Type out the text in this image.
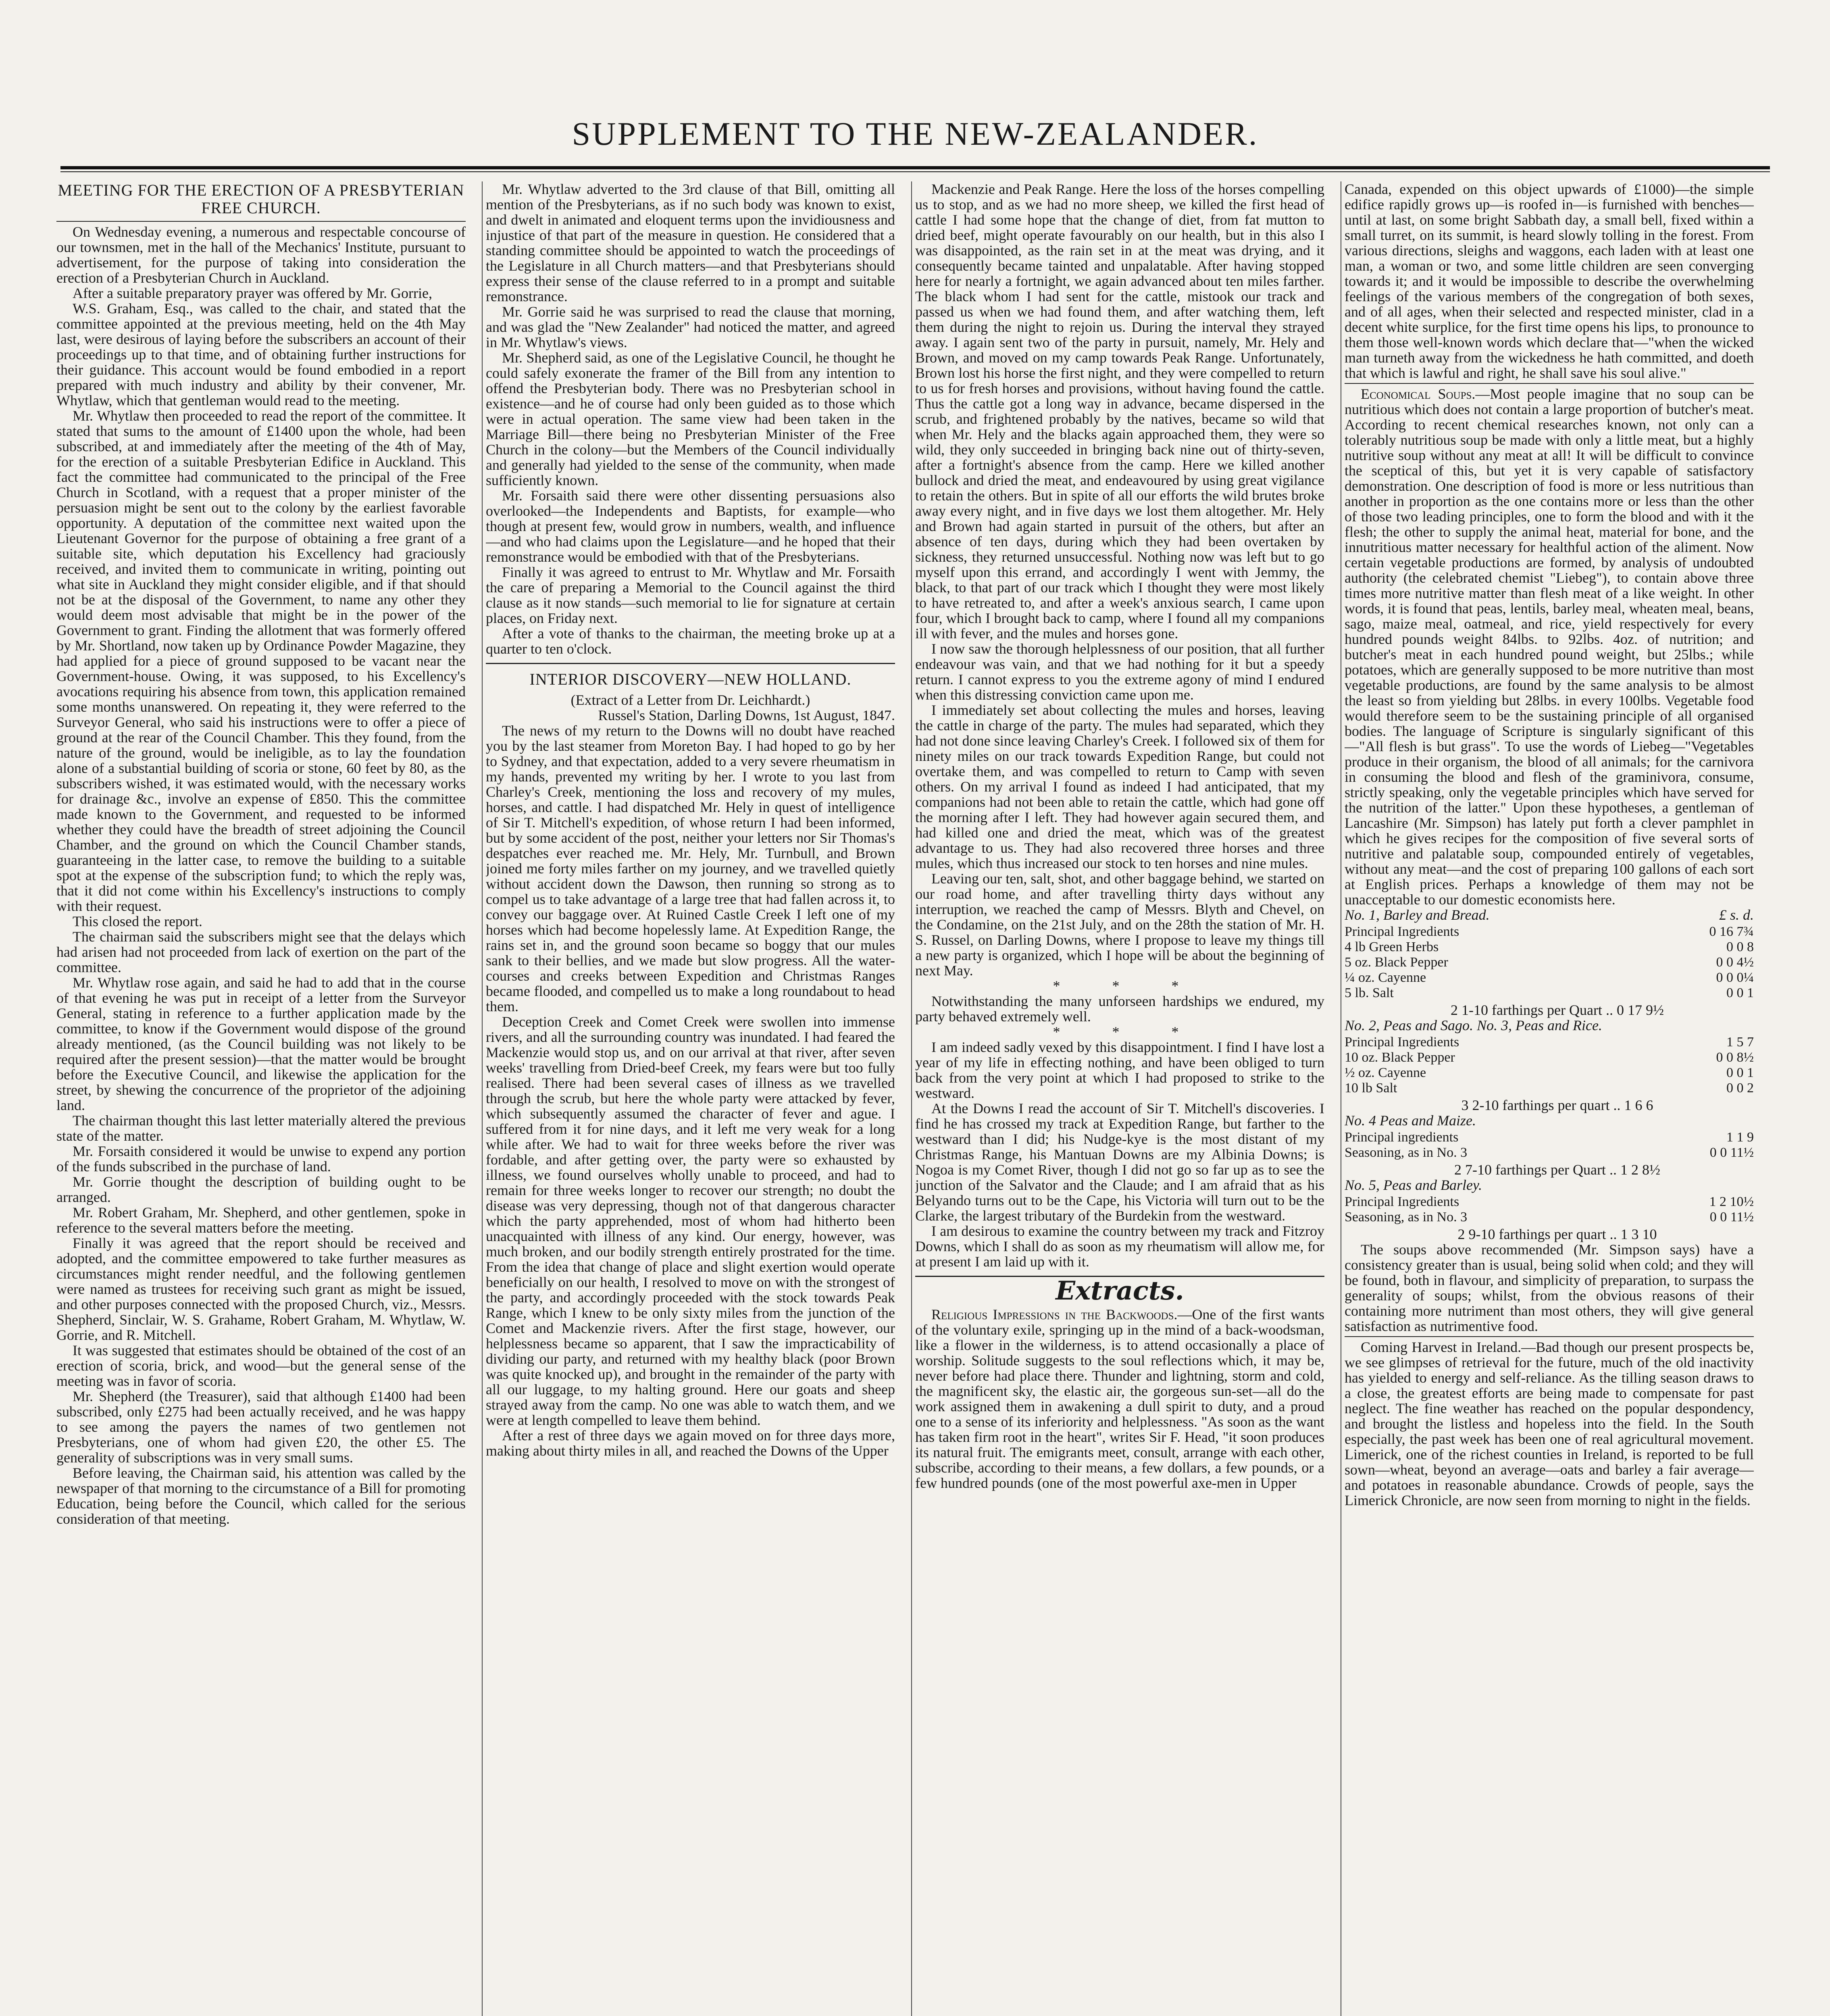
SUPPLEMENT TO THE NEW-ZEALANDER.
MEETING FOR THE ERECTION OF A PRESBYTERIAN FREE CHURCH.

On Wednesday evening, a numerous and respectable concourse of our townsmen, met in the hall of the Mechanics' Institute, pursuant to advertisement, for the purpose of taking into consideration the erection of a Presbyterian Church in Auckland.

After a suitable preparatory prayer was offered by Mr. Gorrie,

W.S. Graham, Esq., was called to the chair, and stated that the committee appointed at the previous meeting, held on the 4th May last, were desirous of laying before the subscribers an account of their proceedings up to that time, and of obtaining further instructions for their guidance. This account would be found embodied in a report prepared with much industry and ability by their convener, Mr. Whytlaw, which that gentleman would read to the meeting.

Mr. Whytlaw then proceeded to read the report of the committee. It stated that sums to the amount of £1400 upon the whole, had been subscribed, at and immediately after the meeting of the 4th of May, for the erection of a suitable Presbyterian Edifice in Auckland. This fact the committee had communicated to the principal of the Free Church in Scotland, with a request that a proper minister of the persuasion might be sent out to the colony by the earliest favorable opportunity. A deputation of the committee next waited upon the Lieutenant Governor for the purpose of obtaining a free grant of a suitable site, which deputation his Excellency had graciously received, and invited them to communicate in writing, pointing out what site in Auckland they might consider eligible, and if that should not be at the disposal of the Government, to name any other they would deem most advisable that might be in the power of the Government to grant. Finding the allotment that was formerly offered by Mr. Shortland, now taken up by Ordinance Powder Magazine, they had applied for a piece of ground supposed to be vacant near the Government-house. Owing, it was supposed, to his Excellency's avocations requiring his absence from town, this application remained some months unanswered. On repeating it, they were referred to the Surveyor General, who said his instructions were to offer a piece of ground at the rear of the Council Chamber. This they found, from the nature of the ground, would be ineligible, as to lay the foundation alone of a substantial building of scoria or stone, 60 feet by 80, as the subscribers wished, it was estimated would, with the necessary works for drainage &c., involve an expense of £850. This the committee made known to the Government, and requested to be informed whether they could have the breadth of street adjoining the Council Chamber, and the ground on which the Council Chamber stands, guaranteeing in the latter case, to remove the building to a suitable spot at the expense of the subscription fund; to which the reply was, that it did not come within his Excellency's instructions to comply with their request.

This closed the report.

The chairman said the subscribers might see that the delays which had arisen had not proceeded from lack of exertion on the part of the committee.

Mr. Whytlaw rose again, and said he had to add that in the course of that evening he was put in receipt of a letter from the Surveyor General, stating in reference to a further application made by the committee, to know if the Government would dispose of the ground already mentioned, (as the Council building was not likely to be required after the present session)—that the matter would be brought before the Executive Council, and likewise the application for the street, by shewing the concurrence of the proprietor of the adjoining land.

The chairman thought this last letter materially altered the previous state of the matter.

Mr. Forsaith considered it would be unwise to expend any portion of the funds subscribed in the purchase of land.

Mr. Gorrie thought the description of building ought to be arranged.

Mr. Robert Graham, Mr. Shepherd, and other gentlemen, spoke in reference to the several matters before the meeting.

Finally it was agreed that the report should be received and adopted, and the committee empowered to take further measures as circumstances might render needful, and the following gentlemen were named as trustees for receiving such grant as might be issued, and other purposes connected with the proposed Church, viz., Messrs. Shepherd, Sinclair, W. S. Grahame, Robert Graham, M. Whytlaw, W. Gorrie, and R. Mitchell.

It was suggested that estimates should be obtained of the cost of an erection of scoria, brick, and wood—but the general sense of the meeting was in favor of scoria.

Mr. Shepherd (the Treasurer), said that although £1400 had been subscribed, only £275 had been actually received, and he was happy to see among the payers the names of two gentlemen not Presbyterians, one of whom had given £20, the other £5. The generality of subscriptions was in very small sums.

Before leaving, the Chairman said, his attention was called by the newspaper of that morning to the circumstance of a Bill for promoting Education, being before the Council, which called for the serious consideration of that meeting.

Mr. Whytlaw adverted to the 3rd clause of that Bill, omitting all mention of the Presbyterians, as if no such body was known to exist, and dwelt in animated and eloquent terms upon the invidiousness and injustice of that part of the measure in question. He considered that a standing committee should be appointed to watch the proceedings of the Legislature in all Church matters—and that Presbyterians should express their sense of the clause referred to in a prompt and suitable remonstrance.

Mr. Gorrie said he was surprised to read the clause that morning, and was glad the "New Zealander" had noticed the matter, and agreed in Mr. Whytlaw's views.

Mr. Shepherd said, as one of the Legislative Council, he thought he could safely exonerate the framer of the Bill from any intention to offend the Presbyterian body. There was no Presbyterian school in existence—and he of course had only been guided as to those which were in actual operation. The same view had been taken in the Marriage Bill—there being no Presbyterian Minister of the Free Church in the colony—but the Members of the Council individually and generally had yielded to the sense of the community, when made sufficiently known.

Mr. Forsaith said there were other dissenting persuasions also overlooked—the Independents and Baptists, for example—who though at present few, would grow in numbers, wealth, and influence—and who had claims upon the Legislature—and he hoped that their remonstrance would be embodied with that of the Presbyterians.

Finally it was agreed to entrust to Mr. Whytlaw and Mr. Forsaith the care of preparing a Memorial to the Council against the third clause as it now stands—such memorial to lie for signature at certain places, on Friday next.

After a vote of thanks to the chairman, the meeting broke up at a quarter to ten o'clock.

INTERIOR DISCOVERY—NEW HOLLAND.

(Extract of a Letter from Dr. Leichhardt.)

Russel's Station, Darling Downs, 1st August, 1847.

The news of my return to the Downs will no doubt have reached you by the last steamer from Moreton Bay. I had hoped to go by her to Sydney, and that expectation, added to a very severe rheumatism in my hands, prevented my writing by her. I wrote to you last from Charley's Creek, mentioning the loss and recovery of my mules, horses, and cattle. I had dispatched Mr. Hely in quest of intelligence of Sir T. Mitchell's expedition, of whose return I had been informed, but by some accident of the post, neither your letters nor Sir Thomas's despatches ever reached me. Mr. Hely, Mr. Turnbull, and Brown joined me forty miles farther on my journey, and we travelled quietly without accident down the Dawson, then running so strong as to compel us to take advantage of a large tree that had fallen across it, to convey our baggage over. At Ruined Castle Creek I left one of my horses which had become hopelessly lame. At Expedition Range, the rains set in, and the ground soon became so boggy that our mules sank to their bellies, and we made but slow progress. All the water-courses and creeks between Expedition and Christmas Ranges became flooded, and compelled us to make a long roundabout to head them.

Deception Creek and Comet Creek were swollen into immense rivers, and all the surrounding country was inundated. I had feared the Mackenzie would stop us, and on our arrival at that river, after seven weeks' travelling from Dried-beef Creek, my fears were but too fully realised. There had been several cases of illness as we travelled through the scrub, but here the whole party were attacked by fever, which subsequently assumed the character of fever and ague. I suffered from it for nine days, and it left me very weak for a long while after. We had to wait for three weeks before the river was fordable, and after getting over, the party were so exhausted by illness, we found ourselves wholly unable to proceed, and had to remain for three weeks longer to recover our strength; no doubt the disease was very depressing, though not of that dangerous character which the party apprehended, most of whom had hitherto been unacquainted with illness of any kind. Our energy, however, was much broken, and our bodily strength entirely prostrated for the time. From the idea that change of place and slight exertion would operate beneficially on our health, I resolved to move on with the strongest of the party, and accordingly proceeded with the stock towards Peak Range, which I knew to be only sixty miles from the junction of the Comet and Mackenzie rivers. After the first stage, however, our helplessness became so apparent, that I saw the impracticability of dividing our party, and returned with my healthy black (poor Brown was quite knocked up), and brought in the remainder of the party with all our luggage, to my halting ground. Here our goats and sheep strayed away from the camp. No one was able to watch them, and we were at length compelled to leave them behind.

After a rest of three days we again moved on for three days more, making about thirty miles in all, and reached the Downs of the Upper

Mackenzie and Peak Range. Here the loss of the horses compelling us to stop, and as we had no more sheep, we killed the first head of cattle I had some hope that the change of diet, from fat mutton to dried beef, might operate favourably on our health, but in this also I was disappointed, as the rain set in at the meat was drying, and it consequently became tainted and unpalatable. After having stopped here for nearly a fortnight, we again advanced about ten miles farther. The black whom I had sent for the cattle, mistook our track and passed us when we had found them, and after watching them, left them during the night to rejoin us. During the interval they strayed away. I again sent two of the party in pursuit, namely, Mr. Hely and Brown, and moved on my camp towards Peak Range. Unfortunately, Brown lost his horse the first night, and they were compelled to return to us for fresh horses and provisions, without having found the cattle. Thus the cattle got a long way in advance, became dispersed in the scrub, and frightened probably by the natives, became so wild that when Mr. Hely and the blacks again approached them, they were so wild, they only succeeded in bringing back nine out of thirty-seven, after a fortnight's absence from the camp. Here we killed another bullock and dried the meat, and endeavoured by using great vigilance to retain the others. But in spite of all our efforts the wild brutes broke away every night, and in five days we lost them altogether. Mr. Hely and Brown had again started in pursuit of the others, but after an absence of ten days, during which they had been overtaken by sickness, they returned unsuccessful. Nothing now was left but to go myself upon this errand, and accordingly I went with Jemmy, the black, to that part of our track which I thought they were most likely to have retreated to, and after a week's anxious search, I came upon four, which I brought back to camp, where I found all my companions ill with fever, and the mules and horses gone.

I now saw the thorough helplessness of our position, that all further endeavour was vain, and that we had nothing for it but a speedy return. I cannot express to you the extreme agony of mind I endured when this distressing conviction came upon me.

I immediately set about collecting the mules and horses, leaving the cattle in charge of the party. The mules had separated, which they had not done since leaving Charley's Creek. I followed six of them for ninety miles on our track towards Expedition Range, but could not overtake them, and was compelled to return to Camp with seven others. On my arrival I found as indeed I had anticipated, that my companions had not been able to retain the cattle, which had gone off the morning after I left. They had however again secured them, and had killed one and dried the meat, which was of the greatest advantage to us. They had also recovered three horses and three mules, which thus increased our stock to ten horses and nine mules.

Leaving our ten, salt, shot, and other baggage behind, we started on our road home, and after travelling thirty days without any interruption, we reached the camp of Messrs. Blyth and Chevel, on the Condamine, on the 21st July, and on the 28th the station of Mr. H. S. Russel, on Darling Downs, where I propose to leave my things till a new party is organized, which I hope will be about the beginning of next May.

* * *

Notwithstanding the many unforseen hardships we endured, my party behaved extremely well.

* * *

I am indeed sadly vexed by this disappointment. I find I have lost a year of my life in effecting nothing, and have been obliged to turn back from the very point at which I had proposed to strike to the westward.

At the Downs I read the account of Sir T. Mitchell's discoveries. I find he has crossed my track at Expedition Range, but farther to the westward than I did; his Nudge-kye is the most distant of my Christmas Range, his Mantuan Downs are my Albinia Downs; is Nogoa is my Comet River, though I did not go so far up as to see the junction of the Salvator and the Claude; and I am afraid that as his Belyando turns out to be the Cape, his Victoria will turn out to be the Clarke, the largest tributary of the Burdekin from the westward.

I am desirous to examine the country between my track and Fitzroy Downs, which I shall do as soon as my rheumatism will allow me, for at present I am laid up with it.

Extracts.

Religious Impressions in the Backwoods.—One of the first wants of the voluntary exile, springing up in the mind of a back-woodsman, like a flower in the wilderness, is to attend occasionally a place of worship. Solitude suggests to the soul reflections which, it may be, never before had place there. Thunder and lightning, storm and cold, the magnificent sky, the elastic air, the gorgeous sun-set—all do the work assigned them in awakening a dull spirit to duty, and a proud one to a sense of its inferiority and helplessness. "As soon as the want has taken firm root in the heart", writes Sir F. Head, "it soon produces its natural fruit. The emigrants meet, consult, arrange with each other, subscribe, according to their means, a few dollars, a few pounds, or a few hundred pounds (one of the most powerful axe-men in Upper

Canada, expended on this object upwards of £1000)—the simple edifice rapidly grows up—is roofed in—is furnished with benches—until at last, on some bright Sabbath day, a small bell, fixed within a small turret, on its summit, is heard slowly tolling in the forest. From various directions, sleighs and waggons, each laden with at least one man, a woman or two, and some little children are seen converging towards it; and it would be impossible to describe the overwhelming feelings of the various members of the congregation of both sexes, and of all ages, when their selected and respected minister, clad in a decent white surplice, for the first time opens his lips, to pronounce to them those well-known words which declare that—"when the wicked man turneth away from the wickedness he hath committed, and doeth that which is lawful and right, he shall save his soul alive."

Economical Soups.—Most people imagine that no soup can be nutritious which does not contain a large proportion of butcher's meat. According to recent chemical researches known, not only can a tolerably nutritious soup be made with only a little meat, but a highly nutritive soup without any meat at all! It will be difficult to convince the sceptical of this, but yet it is very capable of satisfactory demonstration. One description of food is more or less nutritious than another in proportion as the one contains more or less than the other of those two leading principles, one to form the blood and with it the flesh; the other to supply the animal heat, material for bone, and the innutritious matter necessary for healthful action of the aliment. Now certain vegetable productions are formed, by analysis of undoubted authority (the celebrated chemist "Liebeg"), to contain above three times more nutritive matter than flesh meat of a like weight. In other words, it is found that peas, lentils, barley meal, wheaten meal, beans, sago, maize meal, oatmeal, and rice, yield respectively for every hundred pounds weight 84lbs. to 92lbs. 4oz. of nutrition; and butcher's meat in each hundred pound weight, but 25lbs.; while potatoes, which are generally supposed to be more nutritive than most vegetable productions, are found by the same analysis to be almost the least so from yielding but 28lbs. in every 100lbs. Vegetable food would therefore seem to be the sustaining principle of all organised bodies. The language of Scripture is singularly significant of this—"All flesh is but grass". To use the words of Liebeg—"Vegetables produce in their organism, the blood of all animals; for the carnivora in consuming the blood and flesh of the graminivora, consume, strictly speaking, only the vegetable principles which have served for the nutrition of the latter." Upon these hypotheses, a gentleman of Lancashire (Mr. Simpson) has lately put forth a clever pamphlet in which he gives recipes for the composition of five several sorts of nutritive and palatable soup, compounded entirely of vegetables, without any meat—and the cost of preparing 100 gallons of each sort at English prices. Perhaps a knowledge of them may not be unacceptable to our domestic economists here.

No. 1, Barley and Bread.	£ s. d.
Principal Ingredients	0 16 7¾
4 lb Green Herbs	0 0 8
5 oz. Black Pepper	0 0 4½
¼ oz. Cayenne	0 0 0¼
5 lb. Salt	0 0 1

2 1-10 farthings per Quart .. 0 17 9½

No. 2, Peas and Sago. No. 3, Peas and Rice.
Principal Ingredients	1 5 7
10 oz. Black Pepper	0 0 8½
½ oz. Cayenne	0 0 1
10 lb Salt	0 0 2

3 2-10 farthings per quart .. 1 6 6

No. 4 Peas and Maize.
Principal ingredients	1 1 9
Seasoning, as in No. 3	0 0 11½

2 7-10 farthings per Quart .. 1 2 8½

No. 5, Peas and Barley.
Principal Ingredients	1 2 10½
Seasoning, as in No. 3	0 0 11½

2 9-10 farthings per quart .. 1 3 10

The soups above recommended (Mr. Simpson says) have a consistency greater than is usual, being solid when cold; and they will be found, both in flavour, and simplicity of preparation, to surpass the generality of soups; whilst, from the obvious reasons of their containing more nutriment than most others, they will give general satisfaction as nutrimentive food.

Coming Harvest in Ireland.—Bad though our present prospects be, we see glimpses of retrieval for the future, much of the old inactivity has yielded to energy and self-reliance. As the tilling season draws to a close, the greatest efforts are being made to compensate for past neglect. The fine weather has reached on the popular despondency, and brought the listless and hopeless into the field. In the South especially, the past week has been one of real agricultural movement. Limerick, one of the richest counties in Ireland, is reported to be full sown—wheat, beyond an average—oats and barley a fair average—and potatoes in reasonable abundance. Crowds of people, says the Limerick Chronicle, are now seen from morning to night in the fields.
